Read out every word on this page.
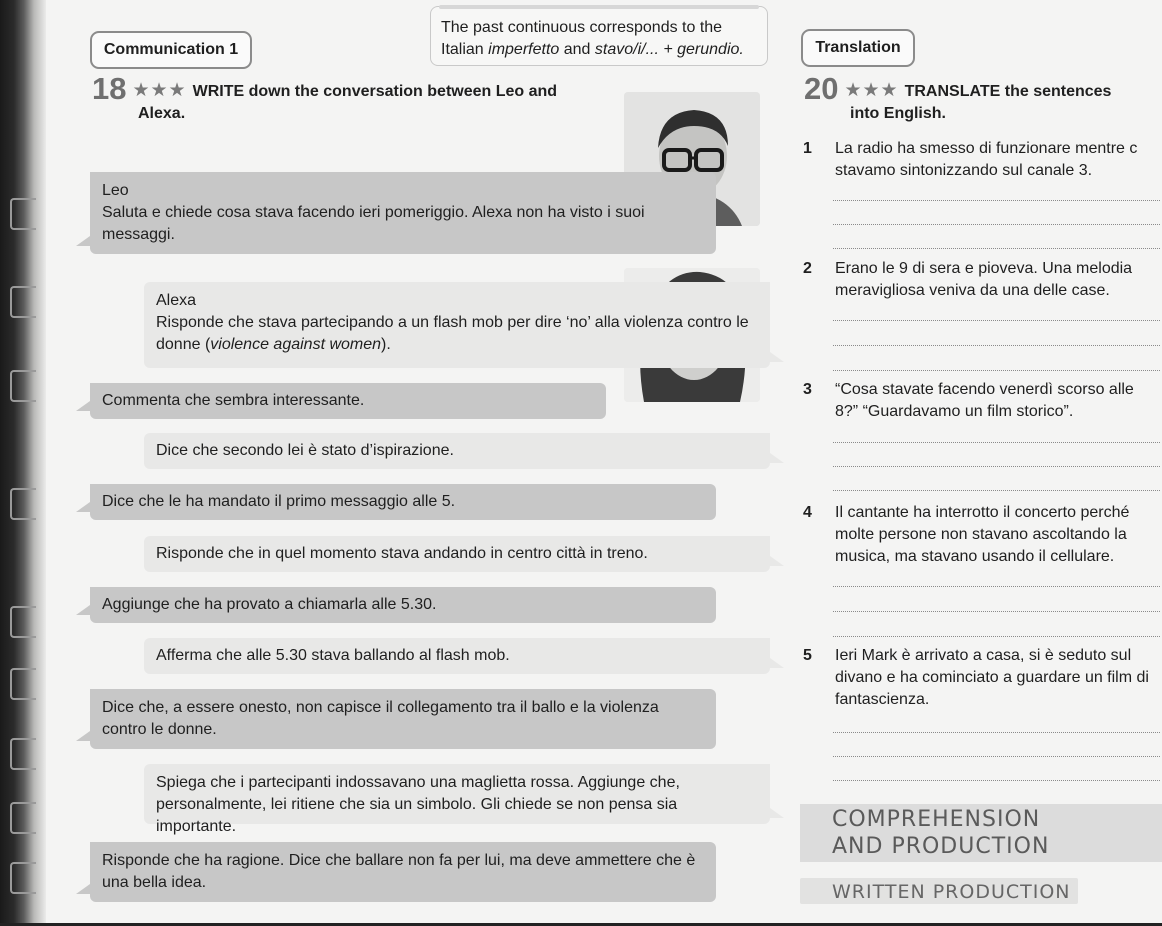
Communication 1
The past continuous corresponds to the
Italian imperfetto and stavo/i/... + gerundio.	Translation
18 ★★★ WRITE down the conversation between Leo and
Alexa.
Leo
Saluta e chiede cosa stava facendo ieri pomeriggio. Alexa non ha visto i suoi messaggi.
Alexa
Risponde che stava partecipando a un flash mob per dire ‘no’ alla violenza contro le donne (violence against women).
Commenta che sembra interessante.
Dice che secondo lei è stato d’ispirazione.
Dice che le ha mandato il primo messaggio alle 5.
Risponde che in quel momento stava andando in centro città in treno.
Aggiunge che ha provato a chiamarla alle 5.30.
Afferma che alle 5.30 stava ballando al flash mob.
Dice che, a essere onesto, non capisce il collegamento tra il ballo e la violenza contro le donne.
Spiega che i partecipanti indossavano una maglietta rossa. Aggiunge che, personalmente, lei ritiene che sia un simbolo. Gli chiede se non pensa sia importante.
Risponde che ha ragione. Dice che ballare non fa per lui, ma deve ammettere che è una bella idea.
20 ★★★ TRANSLATE the sentences
into English.
1	La radio ha smesso di funzionare mentre c stavamo sintonizzando sul canale 3.
2	Erano le 9 di sera e pioveva. Una melodia meravigliosa veniva da una delle case.
3	“Cosa stavate facendo venerdì scorso alle 8?” “Guardavamo un film storico”.
4	Il cantante ha interrotto il concerto perché molte persone non stavano ascoltando la musica, ma stavano usando il cellulare.
5	Ieri Mark è arrivato a casa, si è seduto sul divano e ha cominciato a guardare un film di fantascienza.
COMPREHENSION
AND PRODUCTION
WRITTEN PRODUCTION
